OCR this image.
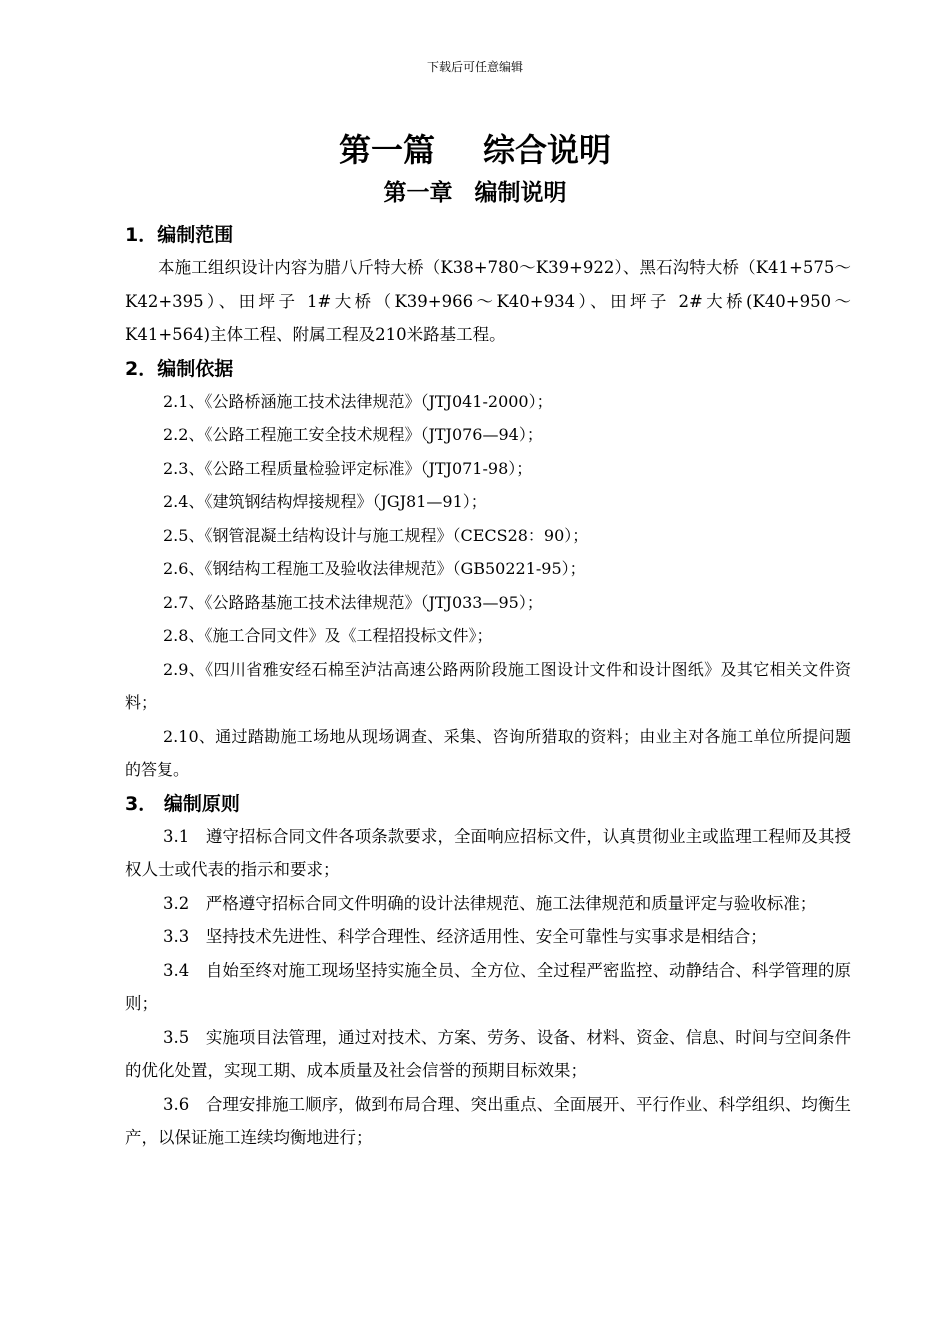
下载后可任意编辑
第一篇 综合说明
第一章 编制说明
1．编制范围
本施工组织设计内容为腊八斤特大桥（K38+780～K39+922）、黑石沟特大桥（K41+575～K42+395）、田坪子 1#大桥（K39+966～K40+934）、田坪子 2#大桥(K40+950～K41+564)主体工程、附属工程及210米路基工程。
2．编制依据
2.1、《公路桥涵施工技术法律规范》（JTJ041-2000）；
2.2、《公路工程施工安全技术规程》（JTJ076—94）；
2.3、《公路工程质量检验评定标准》（JTJ071-98）；
2.4、《建筑钢结构焊接规程》（JGJ81—91）；
2.5、《钢管混凝土结构设计与施工规程》（CECS28：90）；
2.6、《钢结构工程施工及验收法律规范》（GB50221-95）；
2.7、《公路路基施工技术法律规范》（JTJ033—95）；
2.8、《施工合同文件》及《工程招投标文件》；
2.9、《四川省雅安经石棉至泸沽高速公路两阶段施工图设计文件和设计图纸》及其它相关文件资料；
2.10、通过踏勘施工场地从现场调查、采集、咨询所猎取的资料；由业主对各施工单位所提问题的答复。
3． 编制原则
3.1　遵守招标合同文件各项条款要求，全面响应招标文件，认真贯彻业主或监理工程师及其授权人士或代表的指示和要求；
3.2　严格遵守招标合同文件明确的设计法律规范、施工法律规范和质量评定与验收标准；
3.3　坚持技术先进性、科学合理性、经济适用性、安全可靠性与实事求是相结合；
3.4　自始至终对施工现场坚持实施全员、全方位、全过程严密监控、动静结合、科学管理的原则；
3.5　实施项目法管理，通过对技术、方案、劳务、设备、材料、资金、信息、时间与空间条件的优化处置，实现工期、成本质量及社会信誉的预期目标效果；
3.6　合理安排施工顺序，做到布局合理、突出重点、全面展开、平行作业、科学组织、均衡生产，以保证施工连续均衡地进行；
